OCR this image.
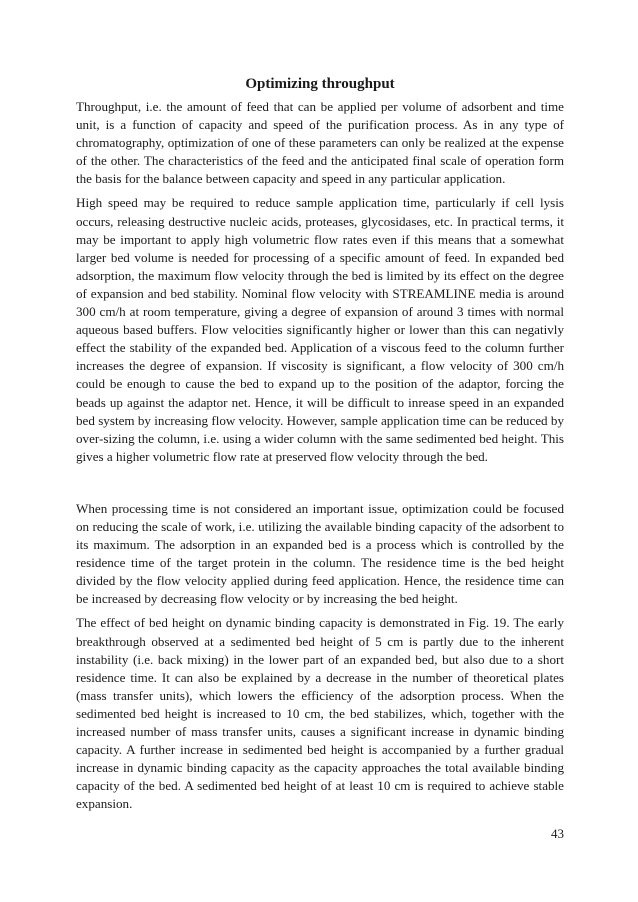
Optimizing throughput

Throughput, i.e. the amount of feed that can be applied per volume of adsorbent and time unit, is a function of capacity and speed of the purification process. As in any type of chromatography, optimization of one of these parameters can only be realized at the expense of the other. The characteristics of the feed and the anticipated final scale of operation form the basis for the balance between capacity and speed in any particular application.

High speed may be required to reduce sample application time, particularly if cell lysis occurs, releasing destructive nucleic acids, proteases, glycosidases, etc. In practical terms, it may be important to apply high volumetric flow rates even if this means that a somewhat larger bed volume is needed for processing of a specific amount of feed. In expanded bed adsorption, the maximum flow velocity through the bed is limited by its effect on the degree of expansion and bed stability. Nominal flow velocity with STREAMLINE media is around 300 cm/h at room temperature, giving a degree of expansion of around 3 times with normal aqueous based buffers. Flow velocities significantly higher or lower than this can negativly effect the stability of the expanded bed. Application of a viscous feed to the column further increases the degree of expansion. If viscosity is significant, a flow velocity of 300 cm/h could be enough to cause the bed to expand up to the position of the adaptor, forcing the beads up against the adaptor net. Hence, it will be difficult to inrease speed in an expanded bed system by increasing flow velocity. However, sample application time can be reduced by over-sizing the column, i.e. using a wider column with the same sedimented bed height. This gives a higher volumetric flow rate at preserved flow velocity through the bed.

When processing time is not considered an important issue, optimization could be focused on reducing the scale of work, i.e. utilizing the available binding capacity of the adsorbent to its maximum. The adsorption in an expanded bed is a process which is controlled by the residence time of the target protein in the column. The residence time is the bed height divided by the flow velocity applied during feed application. Hence, the residence time can be increased by decreasing flow velocity or by increasing the bed height.

The effect of bed height on dynamic binding capacity is demonstrated in Fig. 19. The early breakthrough observed at a sedimented bed height of 5 cm is partly due to the inherent instability (i.e. back mixing) in the lower part of an expanded bed, but also due to a short residence time. It can also be explained by a decrease in the number of theoretical plates (mass transfer units), which lowers the efficiency of the adsorption process. When the sedimented bed height is increased to 10 cm, the bed stabilizes, which, together with the increased number of mass transfer units, causes a significant increase in dynamic binding capacity. A further increase in sedimented bed height is accompanied by a further gradual increase in dynamic binding capacity as the capacity approaches the total available binding capacity of the bed. A sedimented bed height of at least 10 cm is required to achieve stable expansion.

43
